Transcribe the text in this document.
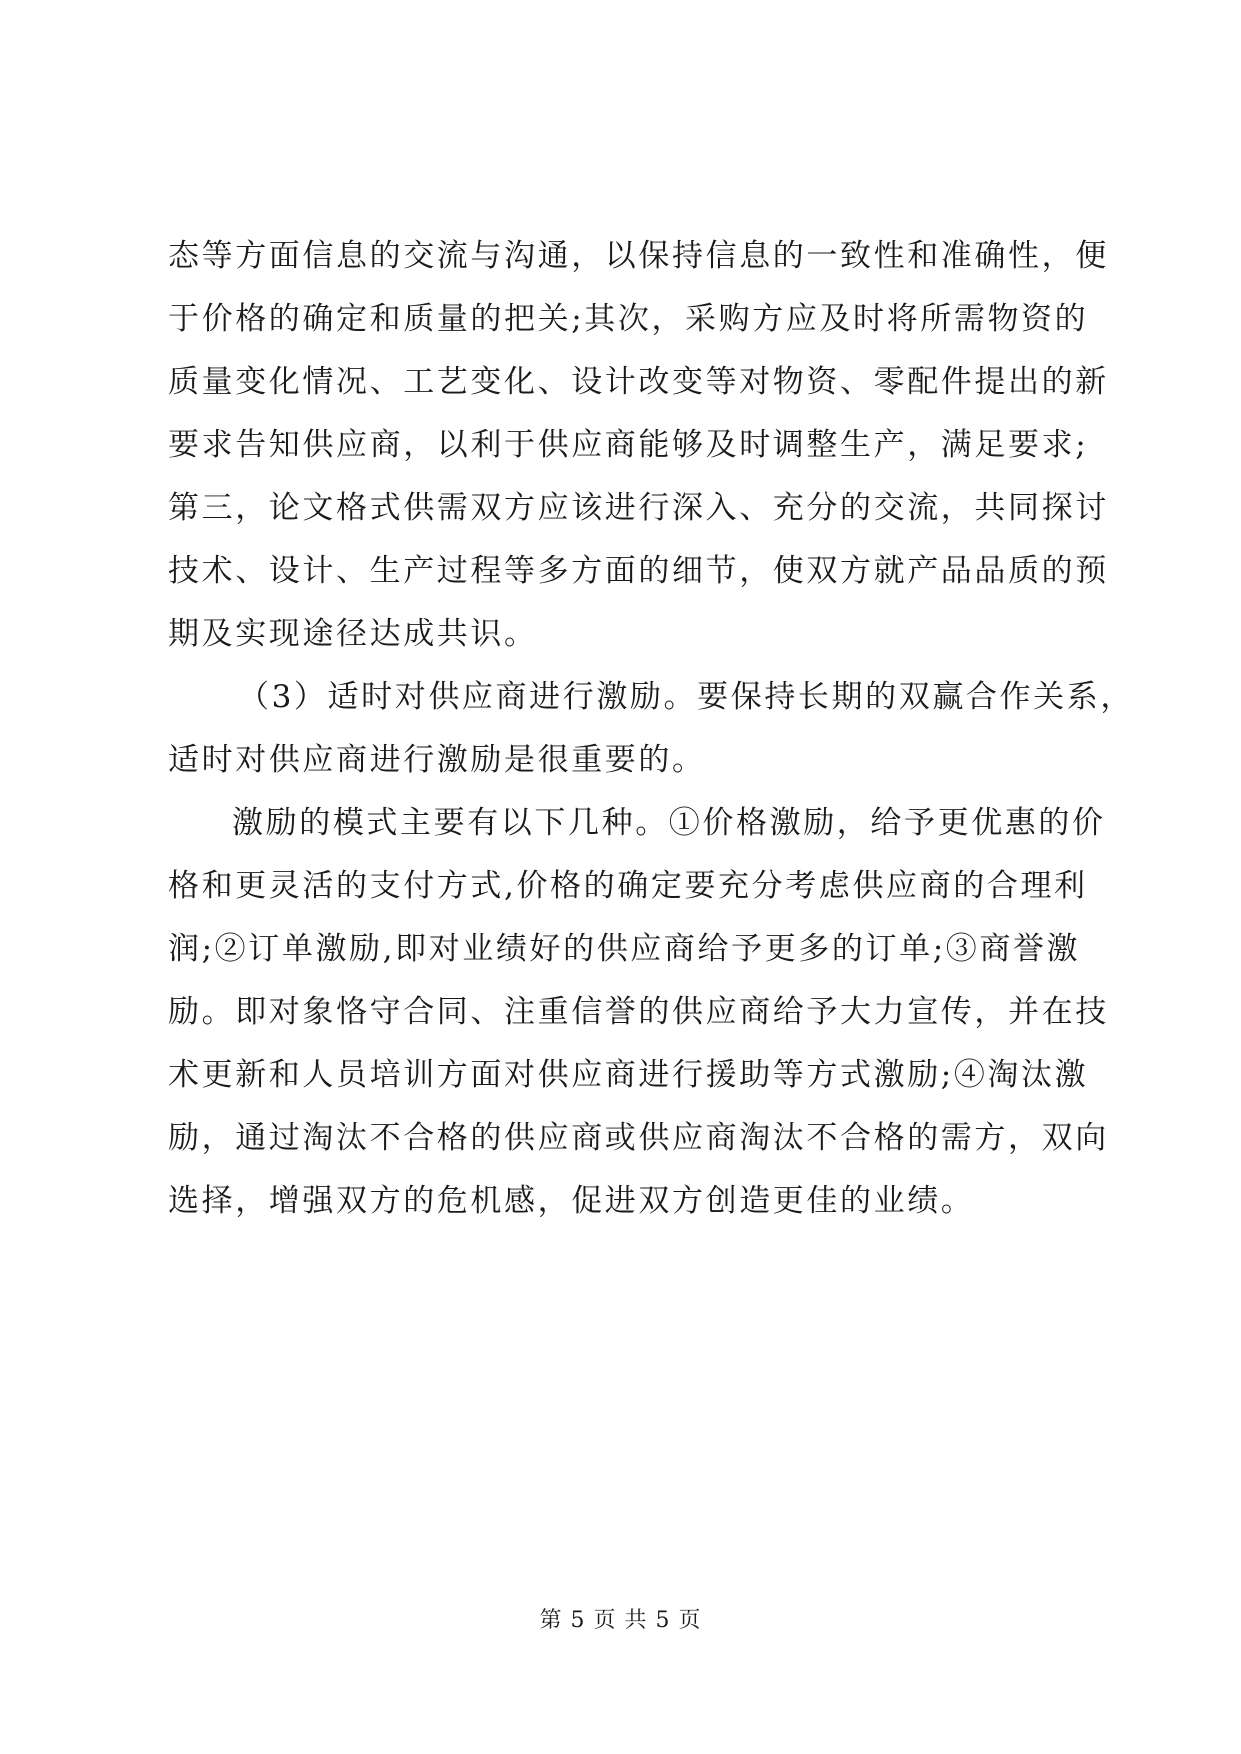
态等方面信息的交流与沟通，以保持信息的一致性和准确性，便
于价格的确定和质量的把关;其次，采购方应及时将所需物资的
质量变化情况、工艺变化、设计改变等对物资、零配件提出的新
要求告知供应商，以利于供应商能够及时调整生产，满足要求;
第三，论文格式供需双方应该进行深入、充分的交流，共同探讨
技术、设计、生产过程等多方面的细节，使双方就产品品质的预
期及实现途径达成共识。
（3）适时对供应商进行激励。要保持长期的双赢合作关系，
适时对供应商进行激励是很重要的。
激励的模式主要有以下几种。①价格激励，给予更优惠的价
格和更灵活的支付方式,价格的确定要充分考虑供应商的合理利
润;②订单激励,即对业绩好的供应商给予更多的订单;③商誉激
励。即对象恪守合同、注重信誉的供应商给予大力宣传，并在技
术更新和人员培训方面对供应商进行援助等方式激励;④淘汰激
励，通过淘汰不合格的供应商或供应商淘汰不合格的需方，双向
选择，增强双方的危机感，促进双方创造更佳的业绩。
第 5 页 共 5 页
